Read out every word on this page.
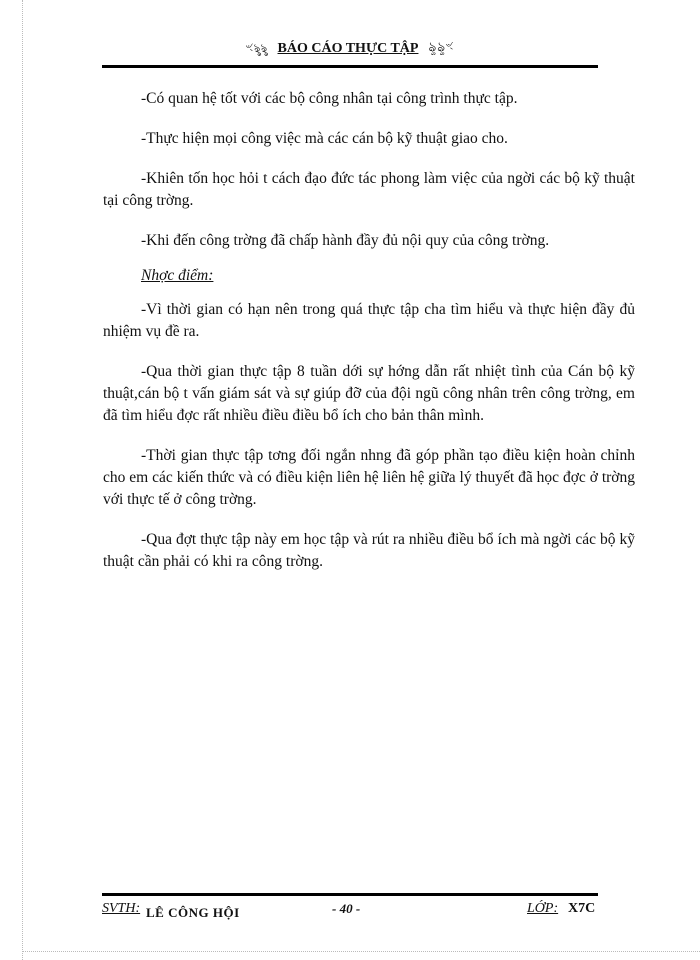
ৼৡৡ BÁO CÁO THỰC TẬP ৡৡৼ

-Có quan hệ tốt với các bộ công nhân tại công trình thực tập.

-Thực hiện mọi công việc mà các cán bộ kỹ thuật giao cho.

-Khiên tốn học hỏi t cách đạo đức tác phong làm việc của ngời các bộ kỹ thuật tại công trờng.

-Khi đến công trờng đã chấp hành đầy đủ nội quy của công trờng.

Nhợc điểm:

-Vì thời gian có hạn nên trong quá thực tập cha tìm hiểu và thực hiện đầy đủ nhiệm vụ đề ra.

-Qua thời gian thực tập 8 tuần dới sự hớng dẫn rất nhiệt tình của Cán bộ kỹ thuật,cán bộ t vấn giám sát và sự giúp đỡ của đội ngũ công nhân trên công trờng, em đã tìm hiểu đợc rất nhiều điều điều bổ ích cho bản thân mình.

-Thời gian thực tập tơng đối ngắn nhng đã góp phần tạo điều kiện hoàn chỉnh cho em các kiến thức và có điều kiện liên hệ liên hệ giữa lý thuyết đã học đợc ở trờng với thực tế ở công trờng.

-Qua đợt thực tập này em học tập và rút ra nhiều điều bổ ích mà ngời các bộ kỹ thuật cần phải có khi ra công trờng.

SVTH: LÊ CÔNG HỘI	- 40 -	LỚP: X7C
